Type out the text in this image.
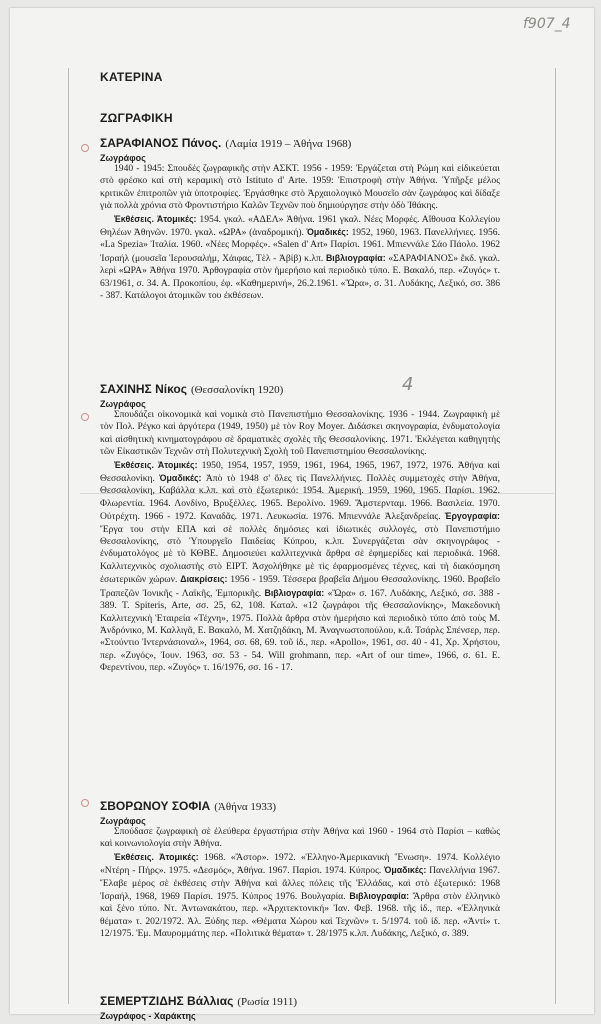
f907_4
4
ΚΑΤΕΡΙΝΑ
ΖΩΓΡΑΦΙΚΗ
ΣΑΡΑΦΙΑΝΟΣ Πάνος. (Λαμία 1919 – Ἀθήνα 1968)
Ζωγράφος

1940 - 1945: Σπουδές ζωγραφικῆς στὴν ΑΣΚΤ. 1956 - 1959: Ἐργάζεται στὴ Ρώμη καὶ εἰδικεύεται στὸ φρέσκο καὶ στὴ κεραμικὴ στὸ Istituto d' Arte. 1959: Ἐπιστροφὴ στὴν Ἀθήνα. Ὑπῆρξε μέλος κριτικῶν ἐπιτροπῶν γιὰ ὑποτροφίες. Ἐργάσθηκε στὸ Ἀρχαιολογικὸ Μουσεῖο σὰν ζωγράφος καὶ δίδαξε γιὰ πολλὰ χρόνια στὸ Φροντιστήριο Καλῶν Τεχνῶν ποὺ δημιούργησε στὴν ὁδὸ Ἰθάκης.

Ἐκθέσεις. Ἀτομικές: 1954. γκαλ. «ΑΔΕΛ» Ἀθήνα. 1961 γκαλ. Νέες Μορφές. Αἴθουσα Κολλεγίου Θηλέων Ἀθηνῶν. 1970. γκαλ. «ΩΡΑ» (ἀναδρομική). Ὁμαδικές: 1952, 1960, 1963. Πανελλήνιες. 1956. «La Spezia» Ἰταλία. 1960. «Νέες Μορφές». «Salen d' Art» Παρίσι. 1961. Μπιεννάλε Σάο Πάολο. 1962 Ἰσραήλ (μουσεῖα Ἱερουσαλήμ, Χάιφας, Τὲλ - Ἀβίβ) κ.λπ. Βιβλιογραφία: «ΣΑΡΑΦΙΑΝΟΣ» ἔκδ. γκαλ. λερὶ «ΩΡΑ» Ἀθήνα 1970. Ἀρθογραφία στὸν ἡμερήσιο καὶ περιοδικὸ τύπο. Ε. Βακαλό, περ. «Ζυγός» τ. 63/1961, σ. 34. Α. Προκοπίου, ἐφ. «Καθημερινή», 26.2.1961. «Ὥρα», σ. 31. Λυδάκης, Λεξικό, σσ. 386 - 387. Κατάλογοι ἀτομικῶν του ἐκθέσεων.

ΣΑΧΙΝΗΣ Νίκος (Θεσσαλονίκη 1920)
Ζωγράφος

Σπουδάζει οἰκονομικὰ καὶ νομικὰ στὸ Πανεπιστήμιο Θεσσαλονίκης. 1936 - 1944. Ζωγραφικὴ μὲ τὸν Πολ. Ρέγκο καὶ ἀργότερα (1949, 1950) μὲ τὸν Roy Moyer. Διδάσκει σκηνογραφία, ἐνδυματολογία καὶ αἰσθητικὴ κινηματογράφου σὲ δραματικὲς σχολὲς τῆς Θεσσαλονίκης. 1971. Ἐκλέγεται καθηγητὴς τῶν Εἰκαστικῶν Τεχνῶν στὴ Πολυτεχνικὴ Σχολὴ τοῦ Πανεπιστημίου Θεσσαλονίκης.

Ἐκθέσεις. Ἀτομικές: 1950, 1954, 1957, 1959, 1961, 1964, 1965, 1967, 1972, 1976. Ἀθήνα καὶ Θεσσαλονίκη. Ὁμαδικές: Ἀπὸ τὸ 1948 σ' ὅλες τὶς Πανελλήνιες. Πολλὲς συμμετοχὲς στὴν Ἀθήνα, Θεσσαλονίκη, Καβάλλα κ.λπ. καὶ στὸ ἐξωτερικό: 1954. Ἀμερική. 1959, 1960, 1965. Παρίσι. 1962. Φλωρεντία. 1964. Λονδίνο, Βρυξέλλες. 1965. Βερολίνο. 1969. Ἄμστερνταμ. 1966. Βασιλεία. 1970. Οὐτρέχτη. 1966 - 1972. Καναδᾶς. 1971. Λευκωσία. 1976. Μπιεννάλε Ἀλεξανδρείας. Ἐργογραφία: Ἔργα του στὴν ΕΠΑ καὶ σὲ πολλὲς δημόσιες καὶ ἰδιωτικὲς συλλογές, στὸ Πανεπιστήμιο Θεσσαλονίκης, στὸ Ὑπουργεῖο Παιδείας Κύπρου, κ.λπ. Συνεργάζεται σὰν σκηνογράφος - ἐνδυματολόγος μὲ τὸ ΚΘΒΕ. Δημοσιεύει καλλιτεχνικὰ ἄρθρα σὲ ἐφημερίδες καὶ περιοδικά. 1968. Καλλιτεχνικὸς σχολιαστὴς στὸ ΕΙΡΤ. Ἀσχολήθηκε μὲ τὶς ἐφαρμοσμένες τέχνες, καὶ τὴ διακόσμηση ἐσωτερικῶν χώρων. Διακρίσεις: 1956 - 1959. Τέσσερα βραβεῖα Δήμου Θεσσαλονίκης. 1960. Βραβεῖο Τραπεζῶν Ἰονικῆς - Λαϊκῆς, Ἐμπορικῆς. Βιβλιογραφία: «Ὥρα» σ. 167. Λυδάκης, Λεξικό, σσ. 388 - 389. T. Spiteris, Arte, σσ. 25, 62, 108. Καταλ. «12 ζωγράφοι τῆς Θεσσαλονίκης», Μακεδονικὴ Καλλιτεχνικὴ Ἑταιρεία «Τέχνη», 1975. Πολλὰ ἄρθρα στὸν ἡμερήσιο καὶ περιοδικὸ τύπο ἀπὸ τοὺς Μ. Ἀνδρόνικο, Μ. Καλλιγᾶ, Ε. Βακαλό, Μ. Χατζηδάκη, Μ. Ἀναγνωστοπούλου, κ.ἄ. Τσάρλς Σπένσερ, περ. «Στούντιο Ἰντερνάσιοναλ», 1964, σσ. 68, 69. τοῦ ἰδ., περ. «Apollo», 1961, σσ. 40 - 41, Χρ. Χρήστου, περ. «Ζυγός», Ἰουν. 1963, σσ. 53 - 54. Will grohmann, περ. «Art of our time», 1966, σ. 61. Ε. Φερεντίνου, περ. «Ζυγός» τ. 16/1976, σσ. 16 - 17.

ΣΒΟΡΩΝΟΥ ΣΟΦΙΑ (Ἀθήνα 1933)
Ζωγράφος

Σπούδασε ζωγραφικὴ σὲ ἐλεύθερα ἐργαστήρια στὴν Ἀθήνα καὶ 1960 - 1964 στὸ Παρίσι – καθὼς καὶ κοινωνιολογία στὴν Ἀθήνα.

Ἐκθέσεις. Ἀτομικές: 1968. «Ἄστορ». 1972. «Ἑλληνο-Ἀμερικανικὴ Ἕνωση». 1974. Κολλέγιο «Ντέρη - Πήρς». 1975. «Δεσμός», Ἀθήνα. 1967. Παρίσι. 1974. Κύπρος. Ὁμαδικές: Πανελλήνια 1967. Ἔλαβε μέρος σὲ ἐκθέσεις στὴν Ἀθήνα καὶ ἄλλες πόλεις τῆς Ἑλλάδας, καὶ στὸ ἐξωτερικό: 1968 Ἰσραήλ, 1968, 1969 Παρίσι. 1975. Κύπρος 1976. Βουλγαρία. Βιβλιογραφία: Ἄρθρα στὸν ἑλληνικὸ καὶ ξένο τύπο. Ντ. Ἀντωνακάτου, περ. «Ἀρχιτεκτονική» Ἰαν. Φεβ. 1968. τῆς ἰδ., περ. «Ἑλληνικὰ θέματα» τ. 202/1972. Ἀλ. Ξύδης περ. «Θέματα Χώρου καὶ Τεχνῶν» τ. 5/1974. τοῦ ἰδ. περ. «Ἀντί» τ. 12/1975. Ἐμ. Μαυρομμάτης περ. «Πολιτικὰ θέματα» τ. 28/1975 κ.λπ. Λυδάκης, Λεξικό, σ. 389.

ΣΕΜΕΡΤΖΙΔΗΣ Βάλλιας (Ρωσία 1911)
Ζωγράφος - Χαράκτης
